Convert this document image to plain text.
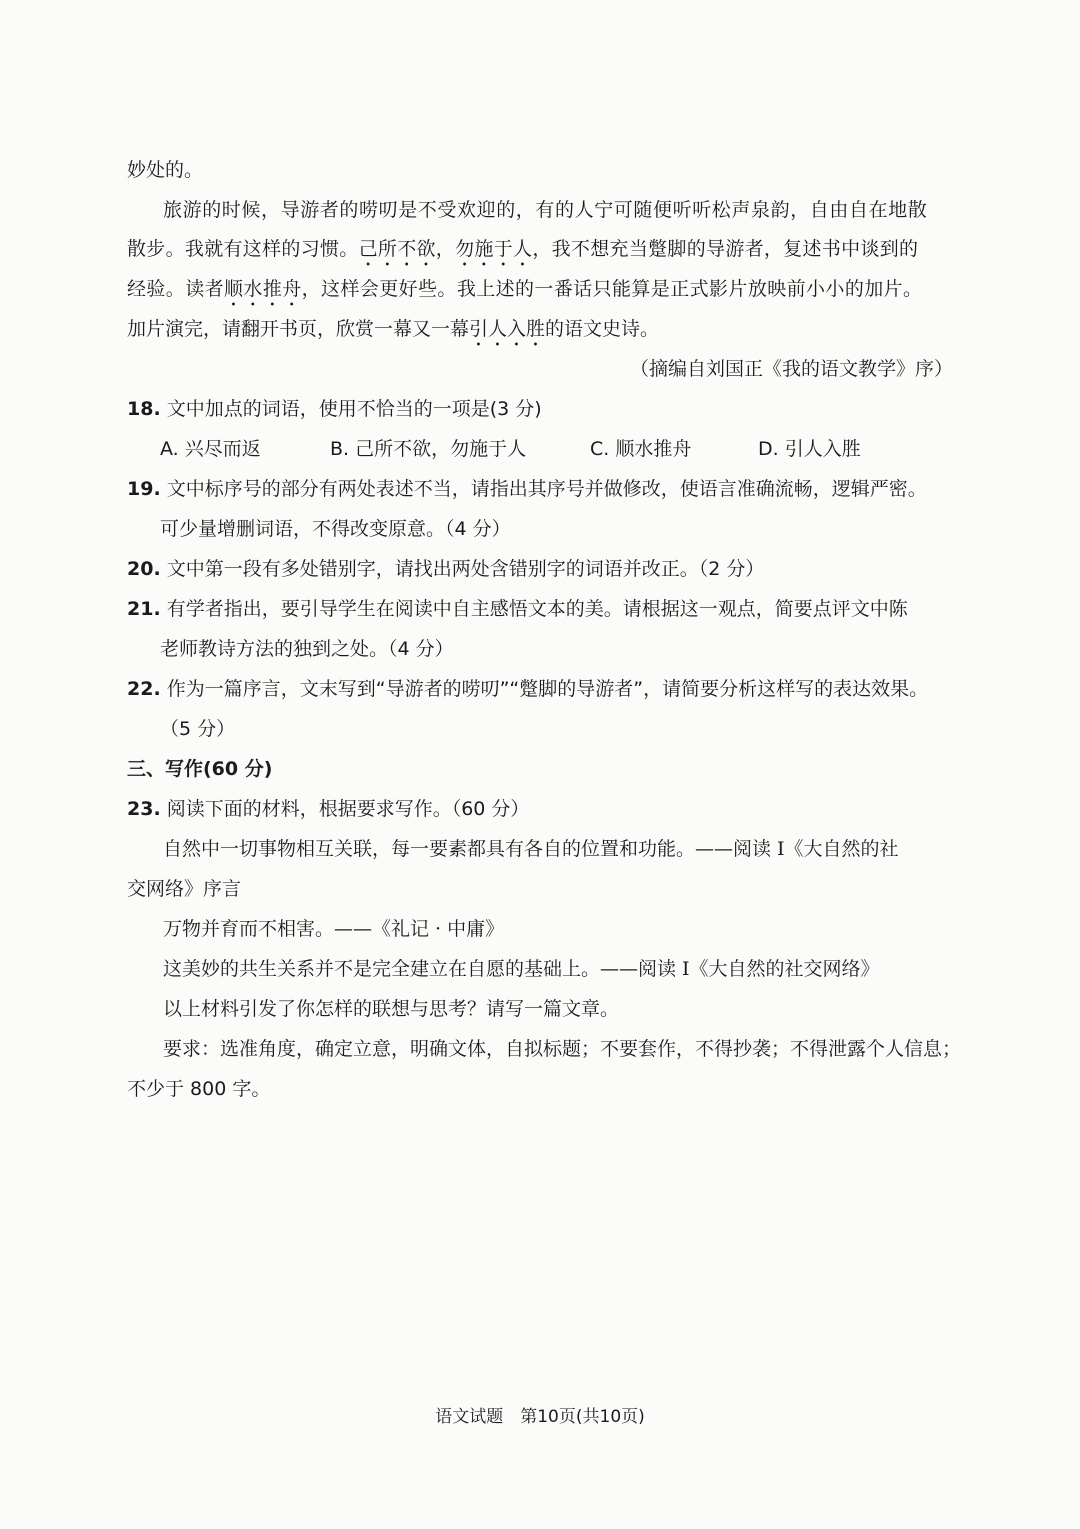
妙处的。
旅游的时候，导游者的唠叨是不受欢迎的，有的人宁可随便听听松声泉韵，自由自在地散
散步。我就有这样的习惯。己所不欲，勿施于人，我不想充当蹩脚的导游者，复述书中谈到的
经验。读者顺水推舟，这样会更好些。我上述的一番话只能算是正式影片放映前小小的加片。
加片演完，请翻开书页，欣赏一幕又一幕引人入胜的语文史诗。
（摘编自刘国正《我的语文教学》序）
18. 文中加点的词语，使用不恰当的一项是(3 分)
A. 兴尽而返	B. 己所不欲，勿施于人	C. 顺水推舟	D. 引人入胜
19. 文中标序号的部分有两处表述不当，请指出其序号并做修改，使语言准确流畅，逻辑严密。
可少量增删词语，不得改变原意。（4 分）
20. 文中第一段有多处错别字，请找出两处含错别字的词语并改正。（2 分）
21. 有学者指出，要引导学生在阅读中自主感悟文本的美。请根据这一观点，简要点评文中陈
老师教诗方法的独到之处。（4 分）
22. 作为一篇序言，文末写到“导游者的唠叨”“蹩脚的导游者”，请简要分析这样写的表达效果。
（5 分）
三、写作(60 分)
23. 阅读下面的材料，根据要求写作。（60 分）
自然中一切事物相互关联，每一要素都具有各自的位置和功能。——阅读 I《大自然的社
交网络》序言
万物并育而不相害。——《礼记 · 中庸》
这美妙的共生关系并不是完全建立在自愿的基础上。——阅读 I《大自然的社交网络》
以上材料引发了你怎样的联想与思考？请写一篇文章。
要求：选准角度，确定立意，明确文体，自拟标题；不要套作，不得抄袭；不得泄露个人信息；
不少于 800 字。
语文试题　第10页(共10页)
